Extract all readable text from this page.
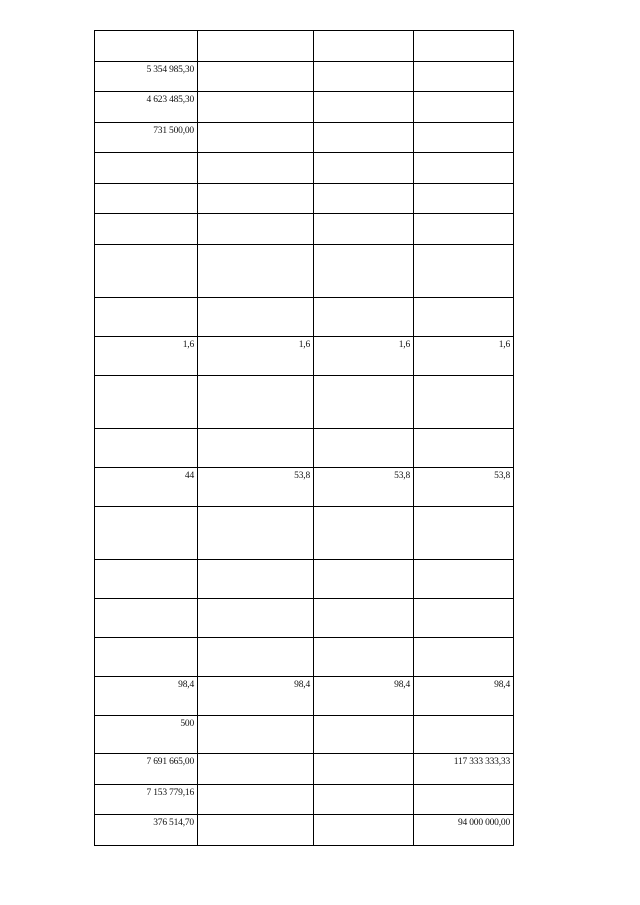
5 354 985,30			
4 623 485,30			
731 500,00			

1,6	1,6	1,6	1,6

44	53,8	53,8	53,8

98,4	98,4	98,4	98,4
500			
7 691 665,00			117 333 333,33
7 153 779,16			
376 514,70			94 000 000,00
